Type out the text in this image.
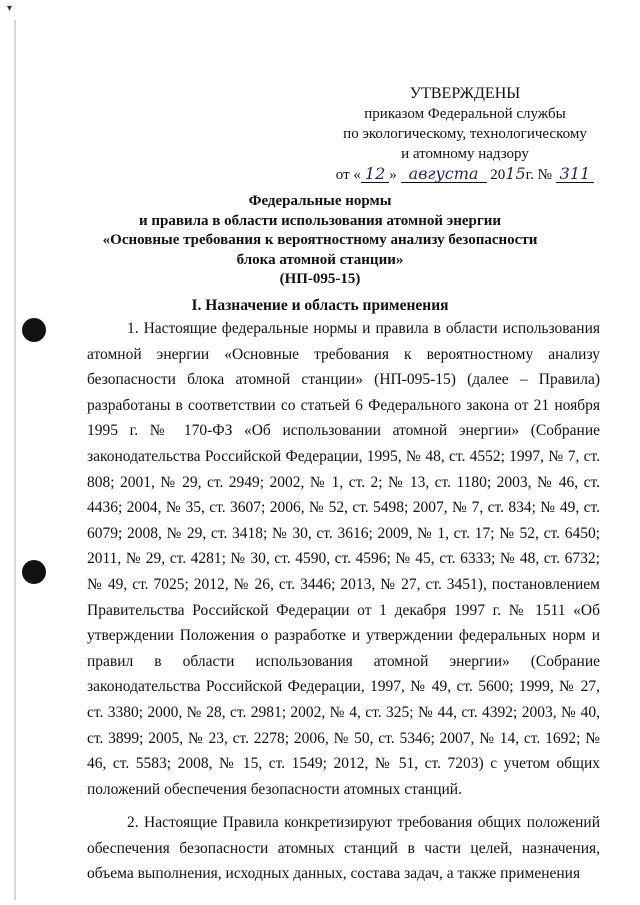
▾
УТВЕРЖДЕНЫ
приказом Федеральной службы
по экологическому, технологическому
и атомному надзору
от « 12 » августа 2015г. № 311
Федеральные нормы
и правила в области использования атомной энергии
«Основные требования к вероятностному анализу безопасности
блока атомной станции»
(НП-095-15)
I. Назначение и область применения

1. Настоящие федеральные нормы и правила в области использования атомной энергии «Основные требования к вероятностному анализу безопасности блока атомной станции» (НП-095-15) (далее – Правила) разработаны в соответствии со статьей 6 Федерального закона от 21 ноября 1995 г. № 170-ФЗ «Об использовании атомной энергии» (Собрание законодательства Российской Федерации, 1995, № 48, ст. 4552; 1997, № 7, ст. 808; 2001, № 29, ст. 2949; 2002, № 1, ст. 2; № 13, ст. 1180; 2003, № 46, ст. 4436; 2004, № 35, ст. 3607; 2006, № 52, ст. 5498; 2007, № 7, ст. 834; № 49, ст. 6079; 2008, № 29, ст. 3418; № 30, ст. 3616; 2009, № 1, ст. 17; № 52, ст. 6450; 2011, № 29, ст. 4281; № 30, ст. 4590, ст. 4596; № 45, ст. 6333; № 48, ст. 6732; № 49, ст. 7025; 2012, № 26, ст. 3446; 2013, № 27, ст. 3451), постановлением Правительства Российской Федерации от 1 декабря 1997 г. № 1511 «Об утверждении Положения о разработке и утверждении федеральных норм и правил в области использования атомной энергии» (Собрание законодательства Российской Федерации, 1997, № 49, ст. 5600; 1999, № 27, ст. 3380; 2000, № 28, ст. 2981; 2002, № 4, ст. 325; № 44, ст. 4392; 2003, № 40, ст. 3899; 2005, № 23, ст. 2278; 2006, № 50, ст. 5346; 2007, № 14, ст. 1692; № 46, ст. 5583; 2008, № 15, ст. 1549; 2012, № 51, ст. 7203) с учетом общих положений обеспечения безопасности атомных станций.

2. Настоящие Правила конкретизируют требования общих положений обеспечения безопасности атомных станций в части целей, назначения, объема выполнения, исходных данных, состава задач, а также применения
